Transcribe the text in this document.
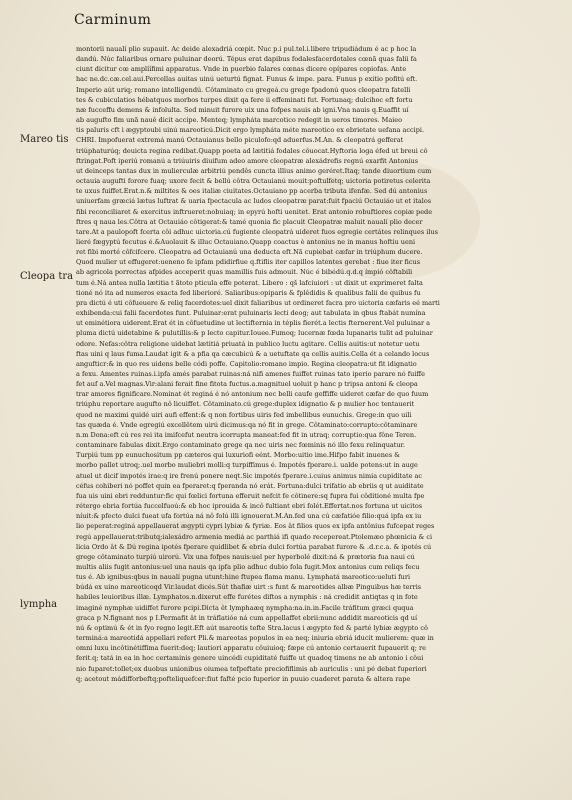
Carminum
Mareo tis
Cleopa tra
lympha
montorii naualí plio supauit. Ac deide alexadriá cœpit. Nuc p.i pul.tel.i.libere tripudiádum é ac p hoc la
dandú. Núc faliaribus ornare puluinar deorú. Tépus erat dapibus fodalesfacerdotales cœnã quas falii fa
ciunt dicitur cœ amplíífimi apparatus. Vnde in puerbio falares cœnas dicere opípares copiofas. Ante
hac ne.dc.cæ.cel.aui.Percellas auitas uinú ueturtú fignat. Funus & impe. para. Funus p exitio pofitú eft.
Imperio aút uriq; romano intelligendú. Côtaminato cu gregeá.cu grege fpadonú quos cleopatra fatelli
tes & cubiculatios hébatquos morbos turpes dixit qa fere ii effeminati fut. Fortunaq; dulcihoc eft fortu
næ fucceffu demens & infolulta. Sed minuit furore uix una fofpes nauis ab igni.Vna nauis q.Euaffit uí
ab augufto fim unã nauê dicit accipe. Menteq; lympháta marcotico redegit in ueros timores. Maieo
tis paluris cft i ægyptoubi uinú mareoticú.Dicit ergo lympháta méte mareotico ex ebrietate uefana accipi.
CHRI. Impofuerat extremá manú Octauianus bello piculofo:qd aduerfus.M.An. & cleopatrá gefferat
triúphaturúq; deuicta regina redibat.Quapp poeta ad lætitiá fodales côuocat.Hyftoria loga éfed ut breui cô
ftringat.Poft iperiú romanú a triúuiris diuifum adeo amore cleopatræ alexádrefis regnú exarfit Antonius
ut deinceps tantas dux in mulierculæ arbitriú pendês cuncta illius animo geréret.Itaq; tande diuortium cum
octauia augufti forore fuaq; uxore fecit & bellú côtra Octauianú mouit:poftulfetq; uictoria potiretus celerita
te uxus fuiffet.Erat.n.& miltites & oes italiæ ciuitates.Octauiano pp acerba tributa ifenfæ. Sed dú antonius
uniuerfam græciá lætus luftrat & uaria fpectacula ac ludos cleopatræ parat:fuit fpaciú Octauiáo ut et italos
fibi reconciliaret & exercitus inftrueret:nobuiaq; in epyrú hofti uenitet. Erat antonio robuftiores copiæ pede
ftres q naua les.Côtra at Octauiáo côtigerat:& tamé quonia fic placuit Cleopatræ maluit naualí plio decer
tare.At a paulopoft fcerta côi adhuc uictoria.cú fugiente cleopatrá uideret fuos egregie certátes relinques ilus
lieré fægyptú fecutus é.&Auolauit & illuc Octauiano.Quapp coactus è antonius ne in manus hoftiu ueni
ret fibi morté côfcifcere. Cleopatra ad Octauianú una deducta eft.Nã cupiebat cæfar in triúphum ducere.
Quod mulier ut effugeret:ueneno fe ipfam pdidirfiue q.ftiflis iter capillos latentes gerebat : fiue iter ficus
ab agricola porrectas afpides acceperit quas mamillis fuis admouit. Núc é bibédú.q.d.q ímpió côftabili
tum é.Ná antea nulla lætitia t ãtoto pticula effe poterat. Libero : qš lafciuiori : ut dixit ut exprimeret falta
tioné nó ita ad numeros exacta fed liberioré. Saliaribus:opiparis & fplêdidis & qualibus falii de quibus fu
pra dictú é uti côfueuere & reliq facerdotes:uel dixit faliaribus ut ordineret facra pro uictoria cæfaris eé marti
exhibenda:cui falii facerdotes funt. Puluinar:erat puluinaris lecti deog; aut tabulata in qbus ftabát numína
ut eminétiora uiderent.Erat ét in côfuetudine ut lectifternia in téplis fierét.a lectis fternerent.Vel puluinar a
pluma dictú uidetabine & pulutillis:& p lecto capitur.Iouee.Fumoq; lucernæ fœda lupanaris tulit ad puluinar
odore. Nefas:côtra religione uidebat lætitiá priuatá in publico luctu agitare. Cellis auitis:ut notetur uetu
ftas uini q laus fuma.Laudat igit & a pfia qa cæcubicú & a uetuftate qa cellis auitis.Cella ét a celando locus
angufticr:& in quo res uidens belle códi poffe. Capitolio:romano impio. Regina cleopatra:ut fit idignatio
a fexu. Amentes ruinas.i.ipfa amés parabat ruinas:ná nifi amenes fuiffet ruinas tato iperio parare nó fuiffe
fet auf a.Vel magnas.Vir:alani ferait fine fitota fuctus.a.magnituel uoluit p hanc p tripsa antoni & cleopa
trar amores fignificare.Nominat ét reginá é nó antonium nec belli caufe geffiffe uideret cæfar de quo fuum
triúphu reportare augufto nô licuiffet. Côtaminato.cú grege:duplex idignatio & p mulier hoc tentauerit
quod ne maximi quidé uiri aufi effent:& q non fortibus uiris fed imbellibus eunuchis. Grege:in quo uili
tas quæda é. Vnde egregiú excellêtem uirú dicimus:qa nó fit in grege. Côtaminato:corrupto:côtaminare
n.m Dona:eft cú res rei ita imifcefut neutra icorrupta maneat:fed fit in utraq; corruptio:qua fône Teren.
contaminare fabulas dixit.Ergo contaminato grege qa nec uiris nec fœminis nó illo fexu relinquatur.
Turpiú tum pp eunuchositum pp cæteros qui luxuriofi eént. Morbo:uitio ime.Hifpo fabit inuenes &
morbo pallet utroq;.uel morbo muliebri molli:q turpiffimus é. Impotés fperare.i. ualde potens:ut in auge
atuel ut dicif impotés irae:q ire frenú ponere neqt.Sic impotés fperare.i.cuius animus nimia cupiditate ac
céfus cohiberi nó poffet quin ea fperaret:q fperanda nó erát. Fortuna:dulci trifatio ab ebriis q ut auiditate
fua uis uini ebri redduntur:fic qui fœlici fortuna efferuit nefcit fe côtinere:sq fupra fui côditioné multa fpe
rétergo ebria fortúa fuccelfuoú:& eb hoc iprouida & incô fultiant ebri folét.Effertat.nos fortuna ut uicitos
níuit:& pfecto dulci fueat ufa fortúa ná nô folú illi ignouerat.M.An.fed una cú cæfatióe filio:quá ipfa ex iu
lio peperat:reginá appellauerat ægypti cypri lybiæ & fyriæ. Eos ât filios quos ex ipfa antônius fufcepat reges
regú appellauerat:tributq;ialexádro armenia mediá ac parthiá ifi quado recepereat.Ptolemæo phœnicia & ci
licia Ordo ât & Dú regina ipotés fperare quidlibet & ebria dulci fortúa parabat furore & .d.r.c.a. & ipotés cú
grege côtaminato turpiú uirorú. Vix una fofpes nauis:uel per hyperbolé dixit:ná & prætoria fua naui cú
multis aliis fugit antonius:uel una nauis qa ipfa plio adhuc dubio fola fugit.Mox antonius cum reliqs fecu
tus é. Ab ignibus:qbus in naualí pugna utunt:hine ftupea flama manu. Lymphatá mareotico:ueluti furi
búdá ex uino mareoticoqd Vir.laudat dicés.Sút thafiæ uirt :s funt & mareotides albæ Pinguibus hæ terris
habiles leuioribus illæ. Lymphatos.n.dixerut effe furétes diftos a nymphis : ná credidit antiqtas q in fote
imaginé nymphæ uidiffet furore pcipi.Dicta êt lymphaæq nympha:na.in.in.Facile tráfitum græci ququa
graca p N.fignant nos p I.Permafit ât in tráflatióe ná cum appellaffet ebrii:nunc addidit mareoticis qd uí
nú & optimú & ét in fyo regno legit.Eft aút mareotis tefte Stra.lacus i ægypto fed & parté lybiæ ægypto cô
terminá:a mareotidá appellari refert Pli.& mareotas populos in ea neq; iniuria ebriá iducit mulierem: quæ in
omni luxu incôtinétiffima fuerit:deq; lautiori apparatu côuiuioq; fæpe cú antonio certauerit fupauerit q; re
ferit.q; tatá in ea in hoc certaminis genere uincédi cupiditaté fuiffe ut quadoq timens ne ab antonio i côui
nio fuparet:tollet;ex duobus unionibus oiumea tefpeftate preciofiflimis ab auriculis : uni pé debat fuperiori
q; acetout mádifforbeftq;pofteliquefcer:fiut fafté pcio fuperior in puuio cuaderet parata & altera rape
